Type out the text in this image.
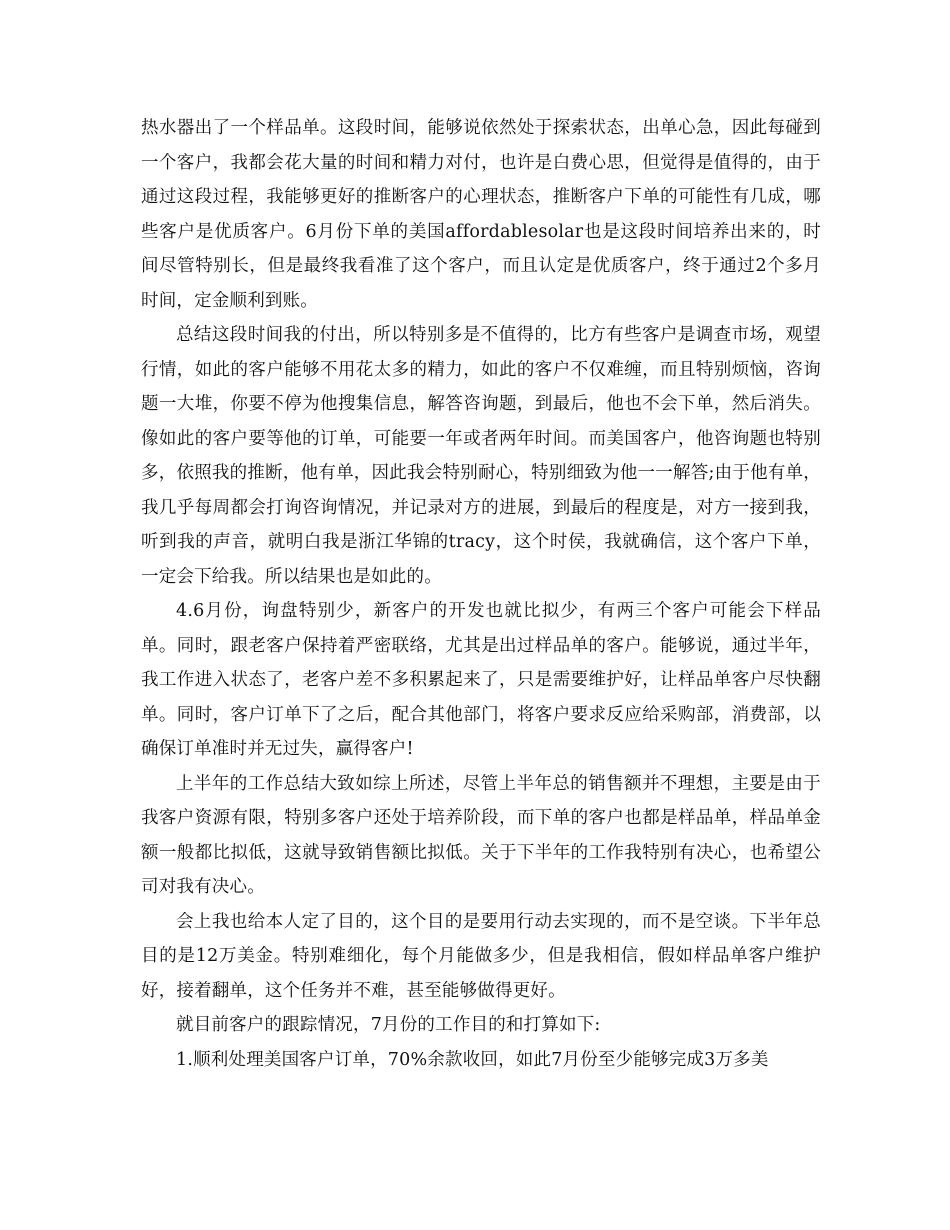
热水器出了一个样品单。这段时间，能够说依然处于探索状态，出单心急，因此每碰到一个客户，我都会花大量的时间和精力对付，也许是白费心思，但觉得是值得的，由于通过这段过程，我能够更好的推断客户的心理状态，推断客户下单的可能性有几成，哪些客户是优质客户。6月份下单的美国affordablesolar也是这段时间培养出来的，时间尽管特别长，但是最终我看准了这个客户，而且认定是优质客户，终于通过2个多月时间，定金顺利到账。

总结这段时间我的付出，所以特别多是不值得的，比方有些客户是调查市场，观望行情，如此的客户能够不用花太多的精力，如此的客户不仅难缠，而且特别烦恼，咨询题一大堆，你要不停为他搜集信息，解答咨询题，到最后，他也不会下单，然后消失。像如此的客户要等他的订单，可能要一年或者两年时间。而美国客户，他咨询题也特别多，依照我的推断，他有单，因此我会特别耐心，特别细致为他一一解答;由于他有单，我几乎每周都会打询咨询情况，并记录对方的进展，到最后的程度是，对方一接到我，听到我的声音，就明白我是浙江华锦的tracy，这个时侯，我就确信，这个客户下单，一定会下给我。所以结果也是如此的。

4.6月份，询盘特别少，新客户的开发也就比拟少，有两三个客户可能会下样品单。同时，跟老客户保持着严密联络，尤其是出过样品单的客户。能够说，通过半年，我工作进入状态了，老客户差不多积累起来了，只是需要维护好，让样品单客户尽快翻单。同时，客户订单下了之后，配合其他部门，将客户要求反应给采购部，消费部，以确保订单准时并无过失，赢得客户!

上半年的工作总结大致如综上所述，尽管上半年总的销售额并不理想，主要是由于我客户资源有限，特别多客户还处于培养阶段，而下单的客户也都是样品单，样品单金额一般都比拟低，这就导致销售额比拟低。关于下半年的工作我特别有决心，也希望公司对我有决心。

会上我也给本人定了目的，这个目的是要用行动去实现的，而不是空谈。下半年总目的是12万美金。特别难细化，每个月能做多少，但是我相信，假如样品单客户维护好，接着翻单，这个任务并不难，甚至能够做得更好。

就目前客户的跟踪情况，7月份的工作目的和打算如下:

1.顺利处理美国客户订单，70%余款收回，如此7月份至少能够完成3万多美
